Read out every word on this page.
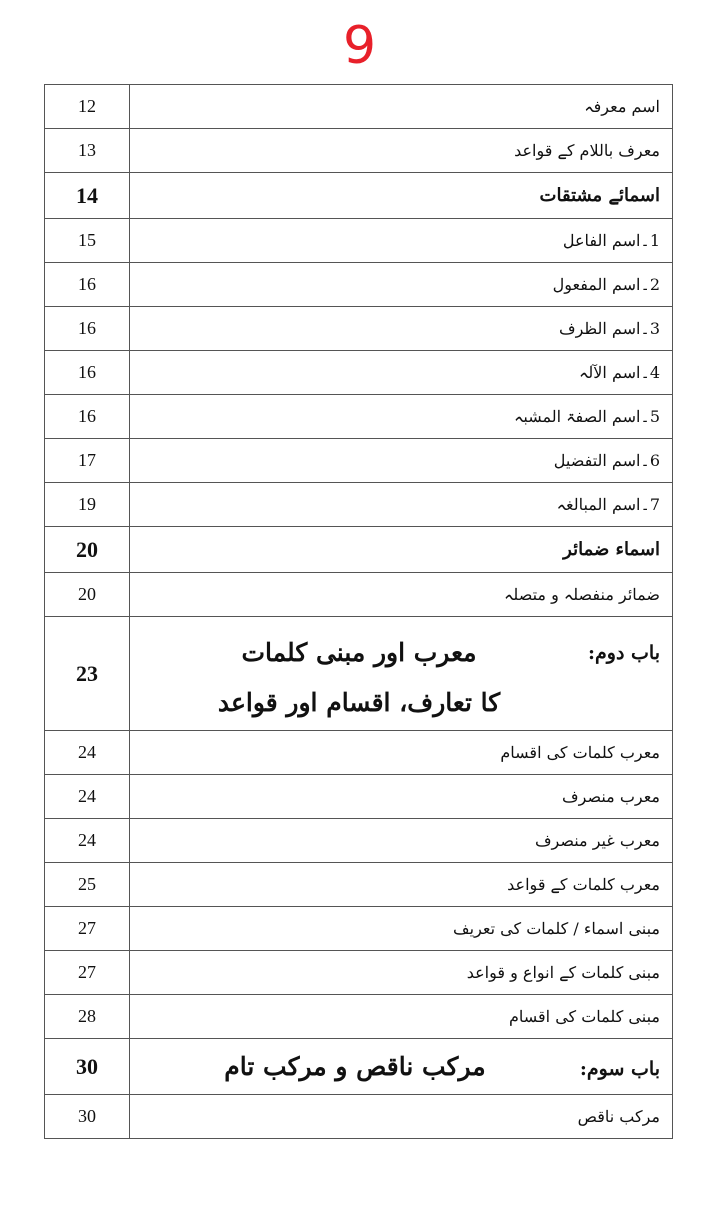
9
12	اسم معرفہ
13	معرف باللام کے قواعد
14	اسمائے مشتقات
15	1۔اسم الفاعل
16	2۔اسم المفعول
16	3۔اسم الظرف
16	4۔اسم الآلہ
16	5۔اسم الصفۃ المشبہ
17	6۔اسم التفضیل
19	7۔اسم المبالغہ
20	اسماء ضمائر
20	ضمائر منفصلہ و متصلہ
23	باب دوم:
معرب اور مبنی کلمات
کا تعارف، اقسام اور قواعد

24	معرب کلمات کی اقسام
24	معرب منصرف
24	معرب غیر منصرف
25	معرب کلمات کے قواعد
27	مبنی اسماء / کلمات کی تعریف
27	مبنی کلمات کے انواع و قواعد
28	مبنی کلمات کی اقسام
30	باب سوم:
مرکب ناقص و مرکب تام

30	مرکب ناقص
